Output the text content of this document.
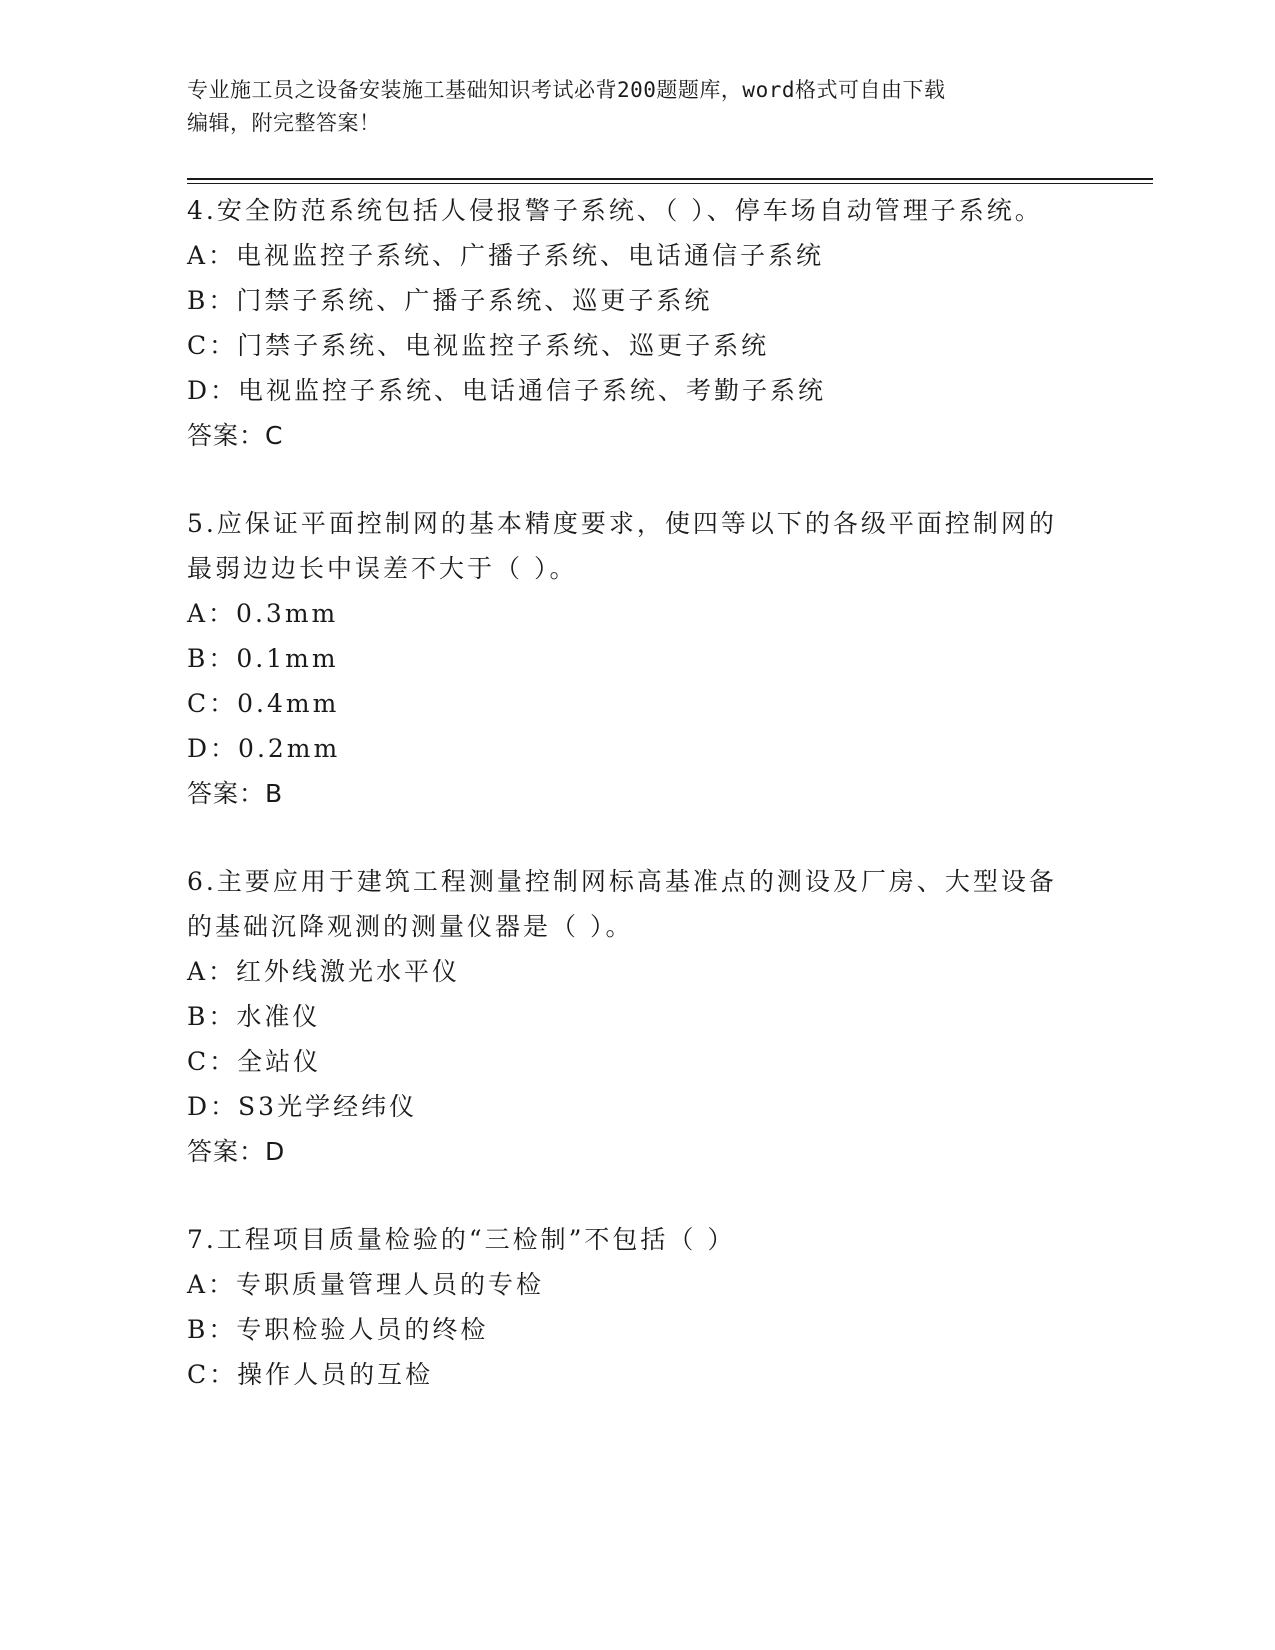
专业施工员之设备安装施工基础知识考试必背200题题库，word格式可自由下载
编辑，附完整答案！
4.安全防范系统包括人侵报警子系统、（ ）、停车场自动管理子系统。
A：电视监控子系统、广播子系统、电话通信子系统
B：门禁子系统、广播子系统、巡更子系统
C：门禁子系统、电视监控子系统、巡更子系统
D：电视监控子系统、电话通信子系统、考勤子系统
答案：C
5.应保证平面控制网的基本精度要求，使四等以下的各级平面控制网的最弱边边长中误差不大于（ ）。
A：0.3mm
B：0.1mm
C：0.4mm
D：0.2mm
答案：B
6.主要应用于建筑工程测量控制网标高基准点的测设及厂房、大型设备的基础沉降观测的测量仪器是（ ）。
A：红外线激光水平仪
B：水准仪
C：全站仪
D：S3光学经纬仪
答案：D
7.工程项目质量检验的“三检制”不包括（ ）
A：专职质量管理人员的专检
B：专职检验人员的终检
C：操作人员的互检
